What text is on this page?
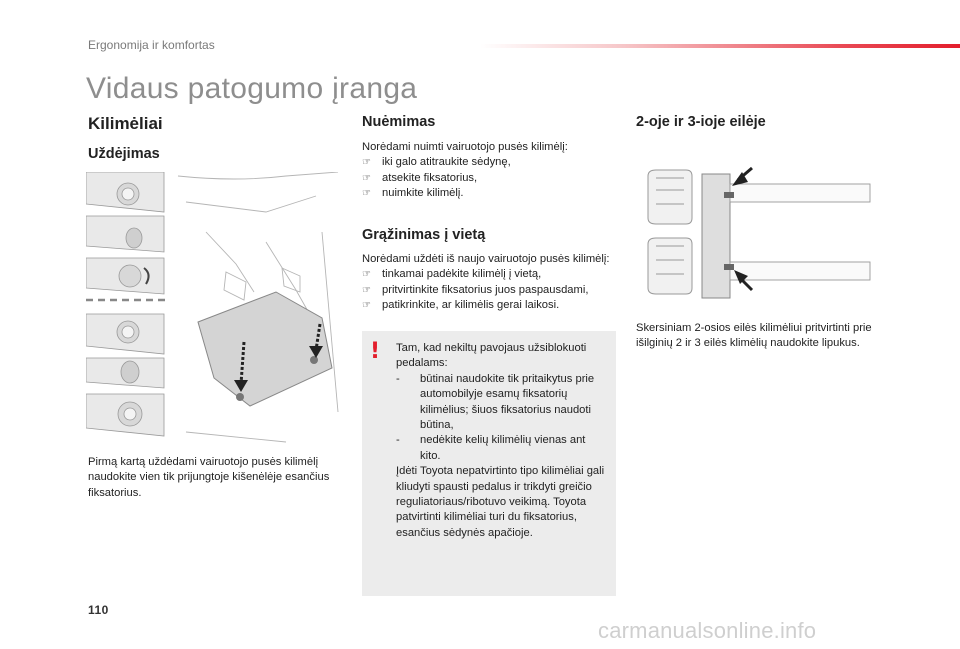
Ergonomija ir komfortas
Vidaus patogumo įranga
Kilimėliai
Uždėjimas
Pirmą kartą uždėdami vairuotojo pusės kilimėlį naudokite vien tik prijungtoje kišenėlėje esančius fiksatorius.
Nuėmimas
Norėdami nuimti vairuotojo pusės kilimėlį:
☞ iki galo atitraukite sėdynę,
☞ atsekite fiksatorius,
☞ nuimkite kilimėlį.
Grąžinimas į vietą
Norėdami uždėti iš naujo vairuotojo pusės kilimėlį:
☞ tinkamai padėkite kilimėlį į vietą,
☞ pritvirtinkite fiksatorius juos paspausdami,
☞ patikrinkite, ar kilimėlis gerai laikosi.
! Tam, kad nekiltų pavojaus užsiblokuoti pedalams:
- būtinai naudokite tik pritaikytus prie automobilyje esamų fiksatorių kilimėlius; šiuos fiksatorius naudoti būtina,
- nedėkite kelių kilimėlių vienas ant kito.
Įdėti Toyota nepatvirtinto tipo kilimėliai gali kliudyti spausti pedalus ir trikdyti greičio reguliatoriaus/ribotuvo veikimą. Toyota patvirtinti kilimėliai turi du fiksatorius, esančius sėdynės apačioje.
2-oje ir 3-ioje eilėje
Skersiniam 2-osios eilės kilimėliui pritvirtinti prie išilginių 2 ir 3 eilės klimėlių naudokite lipukus.
110
carmanualsonline.info
